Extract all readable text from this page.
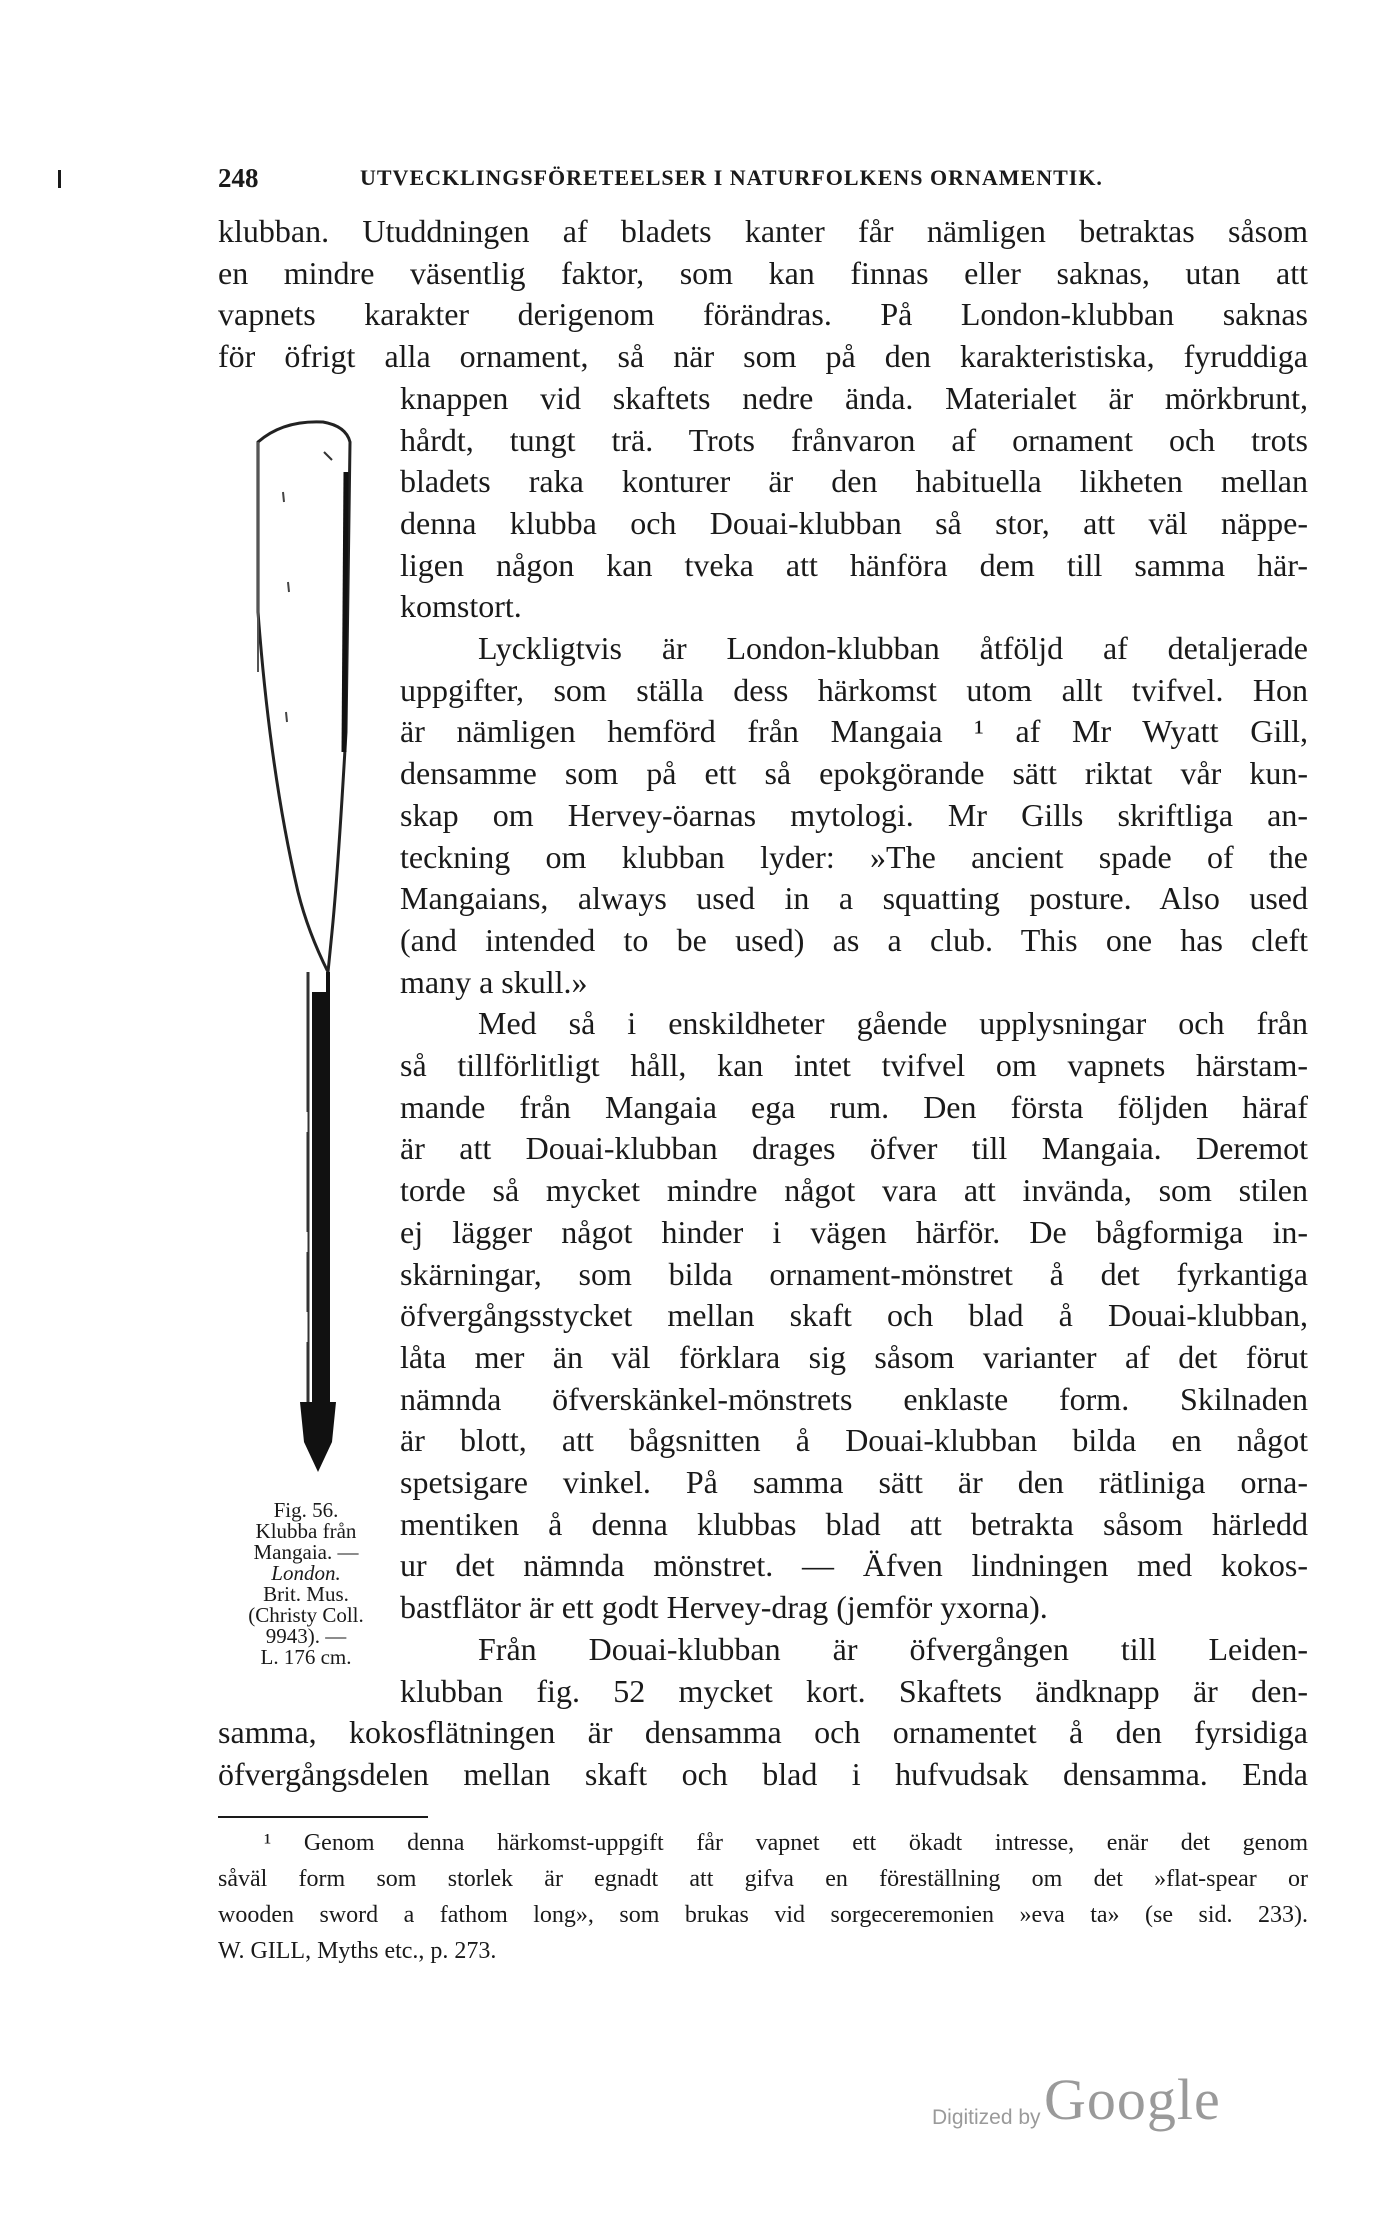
248	UTVECKLINGSFÖRETEELSER I NATURFOLKENS ORNAMENTIK.
klubban. Utuddningen af bladets kanter får nämligen betraktas såsom
en mindre väsentlig faktor, som kan finnas eller saknas, utan att
vapnets karakter derigenom förändras. På London-klubban saknas
för öfrigt alla ornament, så när som på den karakteristiska, fyruddiga
knappen vid skaftets nedre ända. Materialet är mörkbrunt,
hårdt, tungt trä. Trots frånvaron af ornament och trots
bladets raka konturer är den habituella likheten mellan
denna klubba och Douai-klubban så stor, att väl näppe-
ligen någon kan tveka att hänföra dem till samma här-
komstort.
Lyckligtvis är London-klubban åtföljd af detaljerade
uppgifter, som ställa dess härkomst utom allt tvifvel. Hon
är nämligen hemförd från Mangaia ¹ af Mr Wyatt Gill,
densamme som på ett så epokgörande sätt riktat vår kun-
skap om Hervey-öarnas mytologi. Mr Gills skriftliga an-
teckning om klubban lyder: »The ancient spade of the
Mangaians, always used in a squatting posture. Also used
(and intended to be used) as a club. This one has cleft
many a skull.»
Med så i enskildheter gående upplysningar och från
så tillförlitligt håll, kan intet tvifvel om vapnets härstam-
mande från Mangaia ega rum. Den första följden häraf
är att Douai-klubban drages öfver till Mangaia. Deremot
torde så mycket mindre något vara att invända, som stilen
ej lägger något hinder i vägen härför. De bågformiga in-
skärningar, som bilda ornament-mönstret å det fyrkantiga
öfvergångsstycket mellan skaft och blad å Douai-klubban,
låta mer än väl förklara sig såsom varianter af det förut
nämnda öfverskänkel-mönstrets enklaste form. Skilnaden
är blott, att bågsnitten å Douai-klubban bilda en något
spetsigare vinkel. På samma sätt är den rätliniga orna-
mentiken å denna klubbas blad att betrakta såsom härledd
ur det nämnda mönstret. — Äfven lindningen med kokos-
bastflätor är ett godt Hervey-drag (jemför yxorna).
Från Douai-klubban är öfvergången till Leiden-
klubban fig. 52 mycket kort. Skaftets ändknapp är den-
samma, kokosflätningen är densamma och ornamentet å den fyrsidiga
öfvergångsdelen mellan skaft och blad i hufvudsak densamma. Enda
Fig. 56.
Klubba från
Mangaia. —
London.
Brit. Mus.
(Christy Coll.
9943). —
L. 176 cm.
¹ Genom denna härkomst-uppgift får vapnet ett ökadt intresse, enär det genom
såväl form som storlek är egnadt att gifva en föreställning om det »flat-spear or
wooden sword a fathom long», som brukas vid sorgeceremonien »eva ta» (se sid. 233).
W. GILL, Myths etc., p. 273.
Digitized by Google
